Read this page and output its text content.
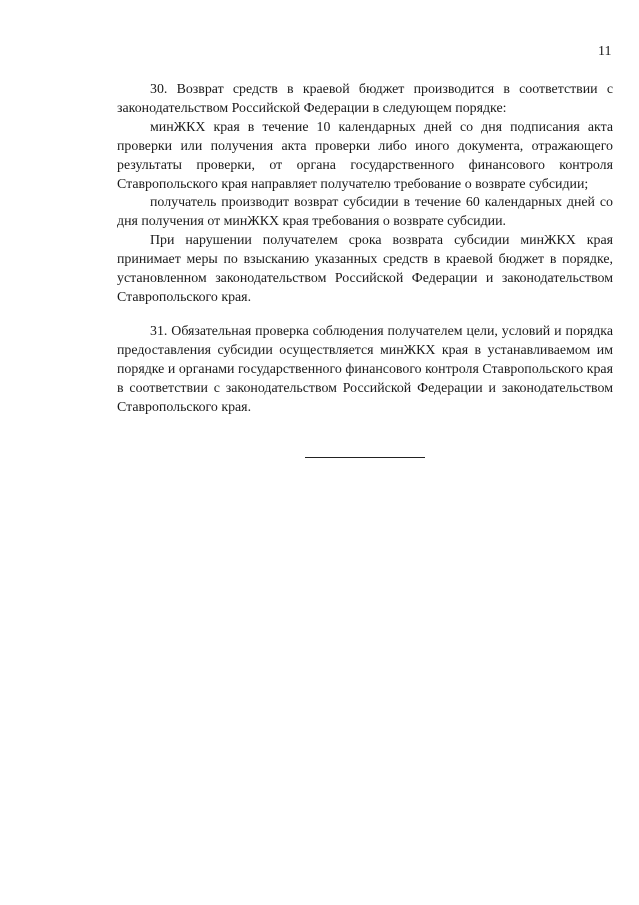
11

30. Возврат средств в краевой бюджет производится в соответствии с законодательством Российской Федерации в следующем порядке:

минЖКХ края в течение 10 календарных дней со дня подписания акта проверки или получения акта проверки либо иного документа, отражающего результаты проверки, от органа государственного финансового контроля Ставропольского края направляет получателю требование о возврате субсидии;

получатель производит возврат субсидии в течение 60 календарных дней со дня получения от минЖКХ края требования о возврате субсидии.

При нарушении получателем срока возврата субсидии минЖКХ края принимает меры по взысканию указанных средств в краевой бюджет в порядке, установленном законодательством Российской Федерации и законодательством Ставропольского края.

31. Обязательная проверка соблюдения получателем цели, условий и порядка предоставления субсидии осуществляется минЖКХ края в устанавливаемом им порядке и органами государственного финансового контроля Ставропольского края в соответствии с законодательством Российской Федерации и законодательством Ставропольского края.
